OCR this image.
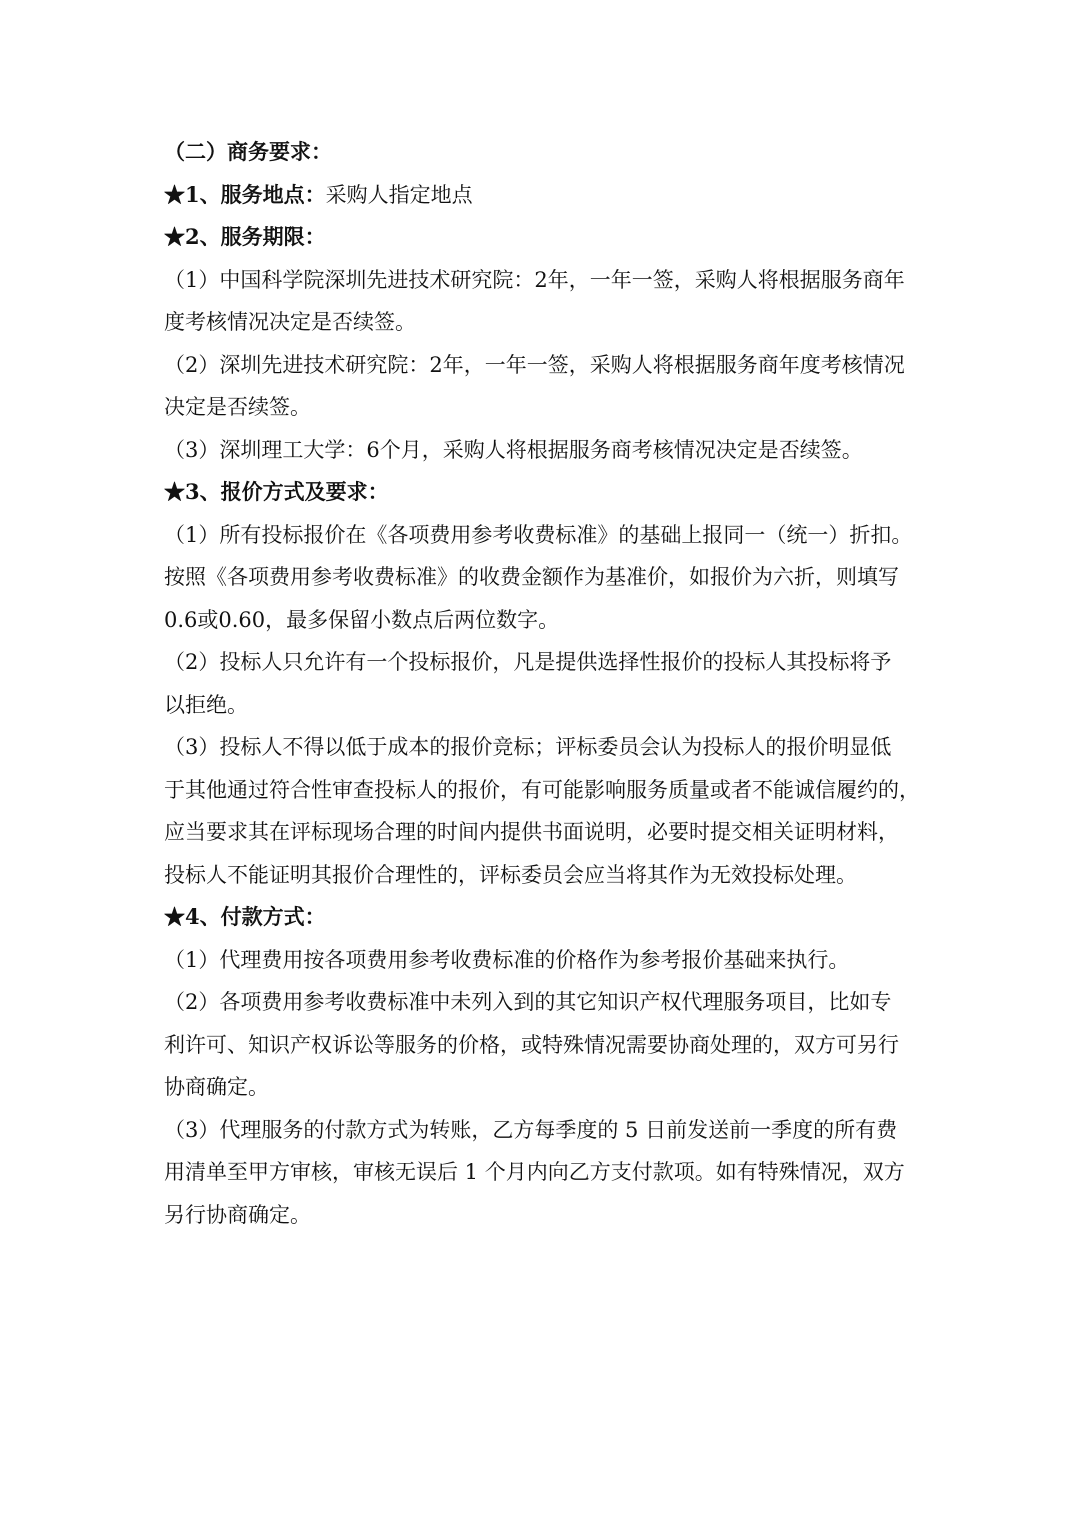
（二）商务要求：
★1、服务地点：采购人指定地点
★2、服务期限：
（1）中国科学院深圳先进技术研究院：2年，一年一签，采购人将根据服务商年
度考核情况决定是否续签。
（2）深圳先进技术研究院：2年，一年一签，采购人将根据服务商年度考核情况
决定是否续签。
（3）深圳理工大学：6个月，采购人将根据服务商考核情况决定是否续签。
★3、报价方式及要求：
（1）所有投标报价在《各项费用参考收费标准》的基础上报同一（统一）折扣。
按照《各项费用参考收费标准》的收费金额作为基准价，如报价为六折，则填写
0.6或0.60，最多保留小数点后两位数字。
（2）投标人只允许有一个投标报价，凡是提供选择性报价的投标人其投标将予
以拒绝。
（3）投标人不得以低于成本的报价竞标；评标委员会认为投标人的报价明显低
于其他通过符合性审查投标人的报价，有可能影响服务质量或者不能诚信履约的，
应当要求其在评标现场合理的时间内提供书面说明，必要时提交相关证明材料，
投标人不能证明其报价合理性的，评标委员会应当将其作为无效投标处理。
★4、付款方式：
（1）代理费用按各项费用参考收费标准的价格作为参考报价基础来执行。
（2）各项费用参考收费标准中未列入到的其它知识产权代理服务项目，比如专
利许可、知识产权诉讼等服务的价格，或特殊情况需要协商处理的，双方可另行
协商确定。
（3）代理服务的付款方式为转账，乙方每季度的 5 日前发送前一季度的所有费
用清单至甲方审核，审核无误后 1 个月内向乙方支付款项。如有特殊情况，双方
另行协商确定。
